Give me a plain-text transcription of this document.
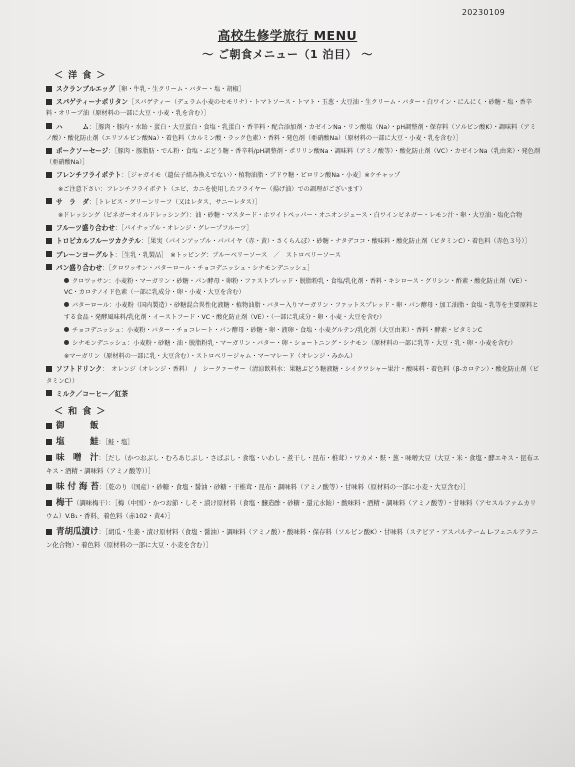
20230109
高校生修学旅行 MENU
～ ご朝食メニュー（1 泊目） ～
＜ 洋 食 ＞
スクランブルエッグ［卵・牛乳・生クリーム・バター・塩・胡椒］
スパゲティーナポリタン［スパゲティー（デュラム小麦のセモリナ）・トマトソース・トマト・玉葱・大豆油・生クリーム・バター・白ワイン・にんにく・砂糖・塩・香辛料・オリーブ油（原材料の一部に大豆・小麦・乳を含む）］
ハ　　　ム：［豚肉・豚内・水飴・蛋白・大豆蛋白・食塩・乳蛋白・香辛料・配合添加剤・カゼインNa・リン酸塩（Na）・pH調整剤・保存料（ソルビン酸K）・調味料（アミノ酸）・酸化防止剤（エリソルビン酸Na）・着色料（カルミン酸・ラック色素）・香料・発色剤（亜硝酸Na）（原材料の一部に大豆・小麦・乳を含む）］
ポークソーセージ：［豚肉・豚脂肪・でん粉・食塩・ぶどう糖・香辛料/pH調整剤・ポリリン酸Na・調味料（アミノ酸等）・酸化防止剤（VC）・カゼインNa（乳由来）・発色剤（亜硝酸Na）］
フレンチフライポテト：［ジャガイモ（遺伝子組み換えでない）・植物油脂・ブドウ糖・ピロリン酸Na・小麦］※ケチャップ
※ご注意下さい：フレンチフライポテト（エビ、カニを使用したフライヤー（揚げ油）での調理がございます）
サ　ラ　ダ：［トレビス・グリーンリーフ（又はレタス、サニーレタス）］
※ドレッシング（ビネガーオイルドレッシング）：油・砂糖・マスタード・ホワイトペッパー・オニオンジュース・白ワインビネガー・レモン汁・卵・大豆油・塩化合物
フルーツ盛り合わせ：［パイナップル・オレンジ・グレープフルーツ］
トロピカルフルーツカクテル：［果実（パインアップル・パパイヤ（赤・黄）・さくらんぼ）・砂糖・ナタデココ・酸味料・酸化防止剤（ビタミンC）・着色料（赤色３号）］
プレーンヨーグルト：［生乳・乳製品］　※トッピング：ブルーベリーソース　／　ストロベリーソース
パン盛り合わせ：［クロワッサン・バターロール・チョコデニッシュ・シナモンデニッシュ］
クロワッサン：小麦粉・マーガリン・砂糖・パン酵母・卵粉・ファストブレッド・脱脂粉乳・食塩/乳化剤・香料・キシロース・グリシン・酢素・酸化防止剤（VE）・VC・カロテノイド色素（一部に乳成分・卵・小麦・大豆を含む）
バターロール：小麦粉（国内製造）・砂糖混合異性化液糖・植物油脂・バター入りマーガリン・ファットスプレッド・卵・パン酵母・加工油脂・食塩・乳等を主要原料とする食品・発酵風味料/乳化剤・イーストフード・VC・酸化防止剤（VE）・（一部に乳成分・卵・小麦・大豆を含む）
チョコデニッシュ：小麦粉・バター・チョコレート・パン酵母・砂糖・卵・液卵・食塩・小麦グルテン/乳化剤（大豆由来）・香料・酵素・ビタミンC
シナモンデニッシュ：小麦粉・砂糖・油・脱脂粉乳・マーガリン・バター・卵・ショートニング・シナモン（原材料の一部に乳等・大豆・乳・卵・小麦を含む）
※マーガリン（原材料の一部に乳・大豆含む）・ストロベリージャム・マーマレード（オレンジ・みかん）
ソフトドリンク：　オレンジ（オレンジ・香料）　/　シークァーサー（清涼飲料水：果糖ぶどう糖液糖・シイクワシャー果汁・酸味料・着色料（β-カロテン）・酸化防止剤（ビタミンC））
ミルク／コーヒー／紅茶
＜ 和 食 ＞
御　　　飯
塩　　　鮭：［鮭・塩］
味　噌　汁：［だし（かつおぶし・むろあじぶし・さばぶし・食塩・いわし・煮干し・昆布・椎茸）・ワカメ・麩・葱・味噌大豆（大豆・米・食塩・酵エキス・昆布エキス・酒精・調味料（アミノ酸等））］
味 付 海 苔：［乾のり（国産）・砂糖・食塩・醤油・砂糖・干椎茸・昆布・調味料（アミノ酸等）・甘味料（原材料の一部に小麦・大豆含む）］
梅干（調味梅干）：［梅（中国）・かつお節・しそ・漬け原材料（食塩・醸造酢・砂糖・還元水飴）・酸味料・酒精・調味料（アミノ酸等）・甘味料（アセスルファムカリウム）V.B₁・香料、着色料（赤102・黄4）］
青胡瓜漬け：［胡瓜・生姜・漬け原材料（食塩・醤油）・調味料（アミノ酸）・酸味料・保存料（ソルビン酸K）・甘味料（ステビア・アスパルテーム L-フェニルアラニン化合物）・着色料（原材料の一部に大豆・小麦を含む）］
